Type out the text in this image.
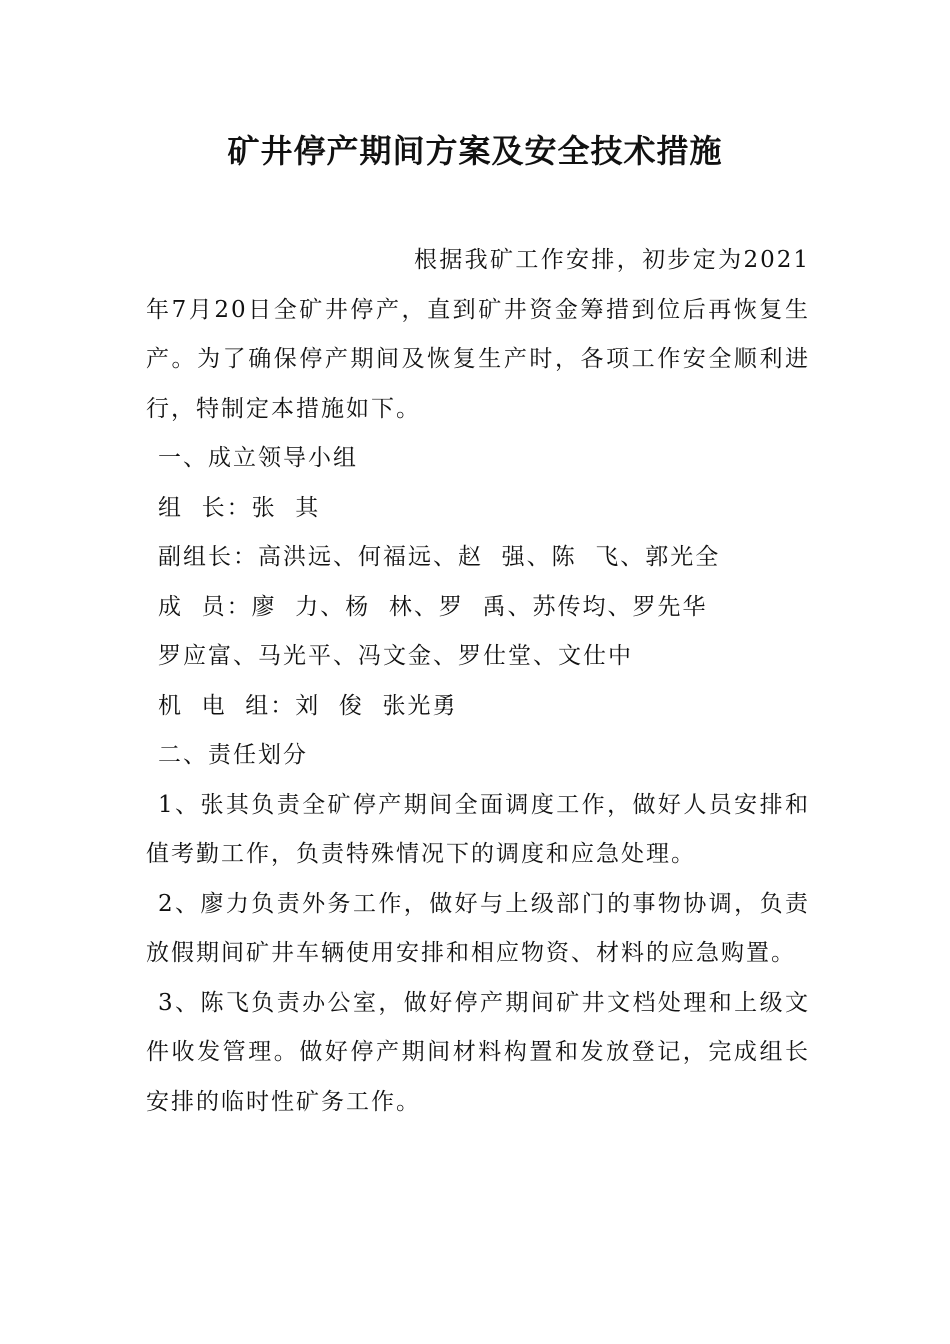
矿井停产期间方案及安全技术措施

根据我矿工作安排，初步定为2021年7月20日全矿井停产，直到矿井资金筹措到位后再恢复生产。为了确保停产期间及恢复生产时，各项工作安全顺利进行，特制定本措施如下。

一、成立领导小组

组  长：张  其

副组长：高洪远、何福远、赵  强、陈  飞、郭光全

成  员：廖  力、杨  林、罗  禹、苏传均、罗先华

罗应富、马光平、冯文金、罗仕堂、文仕中

机  电  组：刘  俊  张光勇

二、责任划分

1、张其负责全矿停产期间全面调度工作，做好人员安排和值考勤工作，负责特殊情况下的调度和应急处理。

2、廖力负责外务工作，做好与上级部门的事物协调，负责放假期间矿井车辆使用安排和相应物资、材料的应急购置。

3、陈飞负责办公室，做好停产期间矿井文档处理和上级文件收发管理。做好停产期间材料构置和发放登记，完成组长安排的临时性矿务工作。
